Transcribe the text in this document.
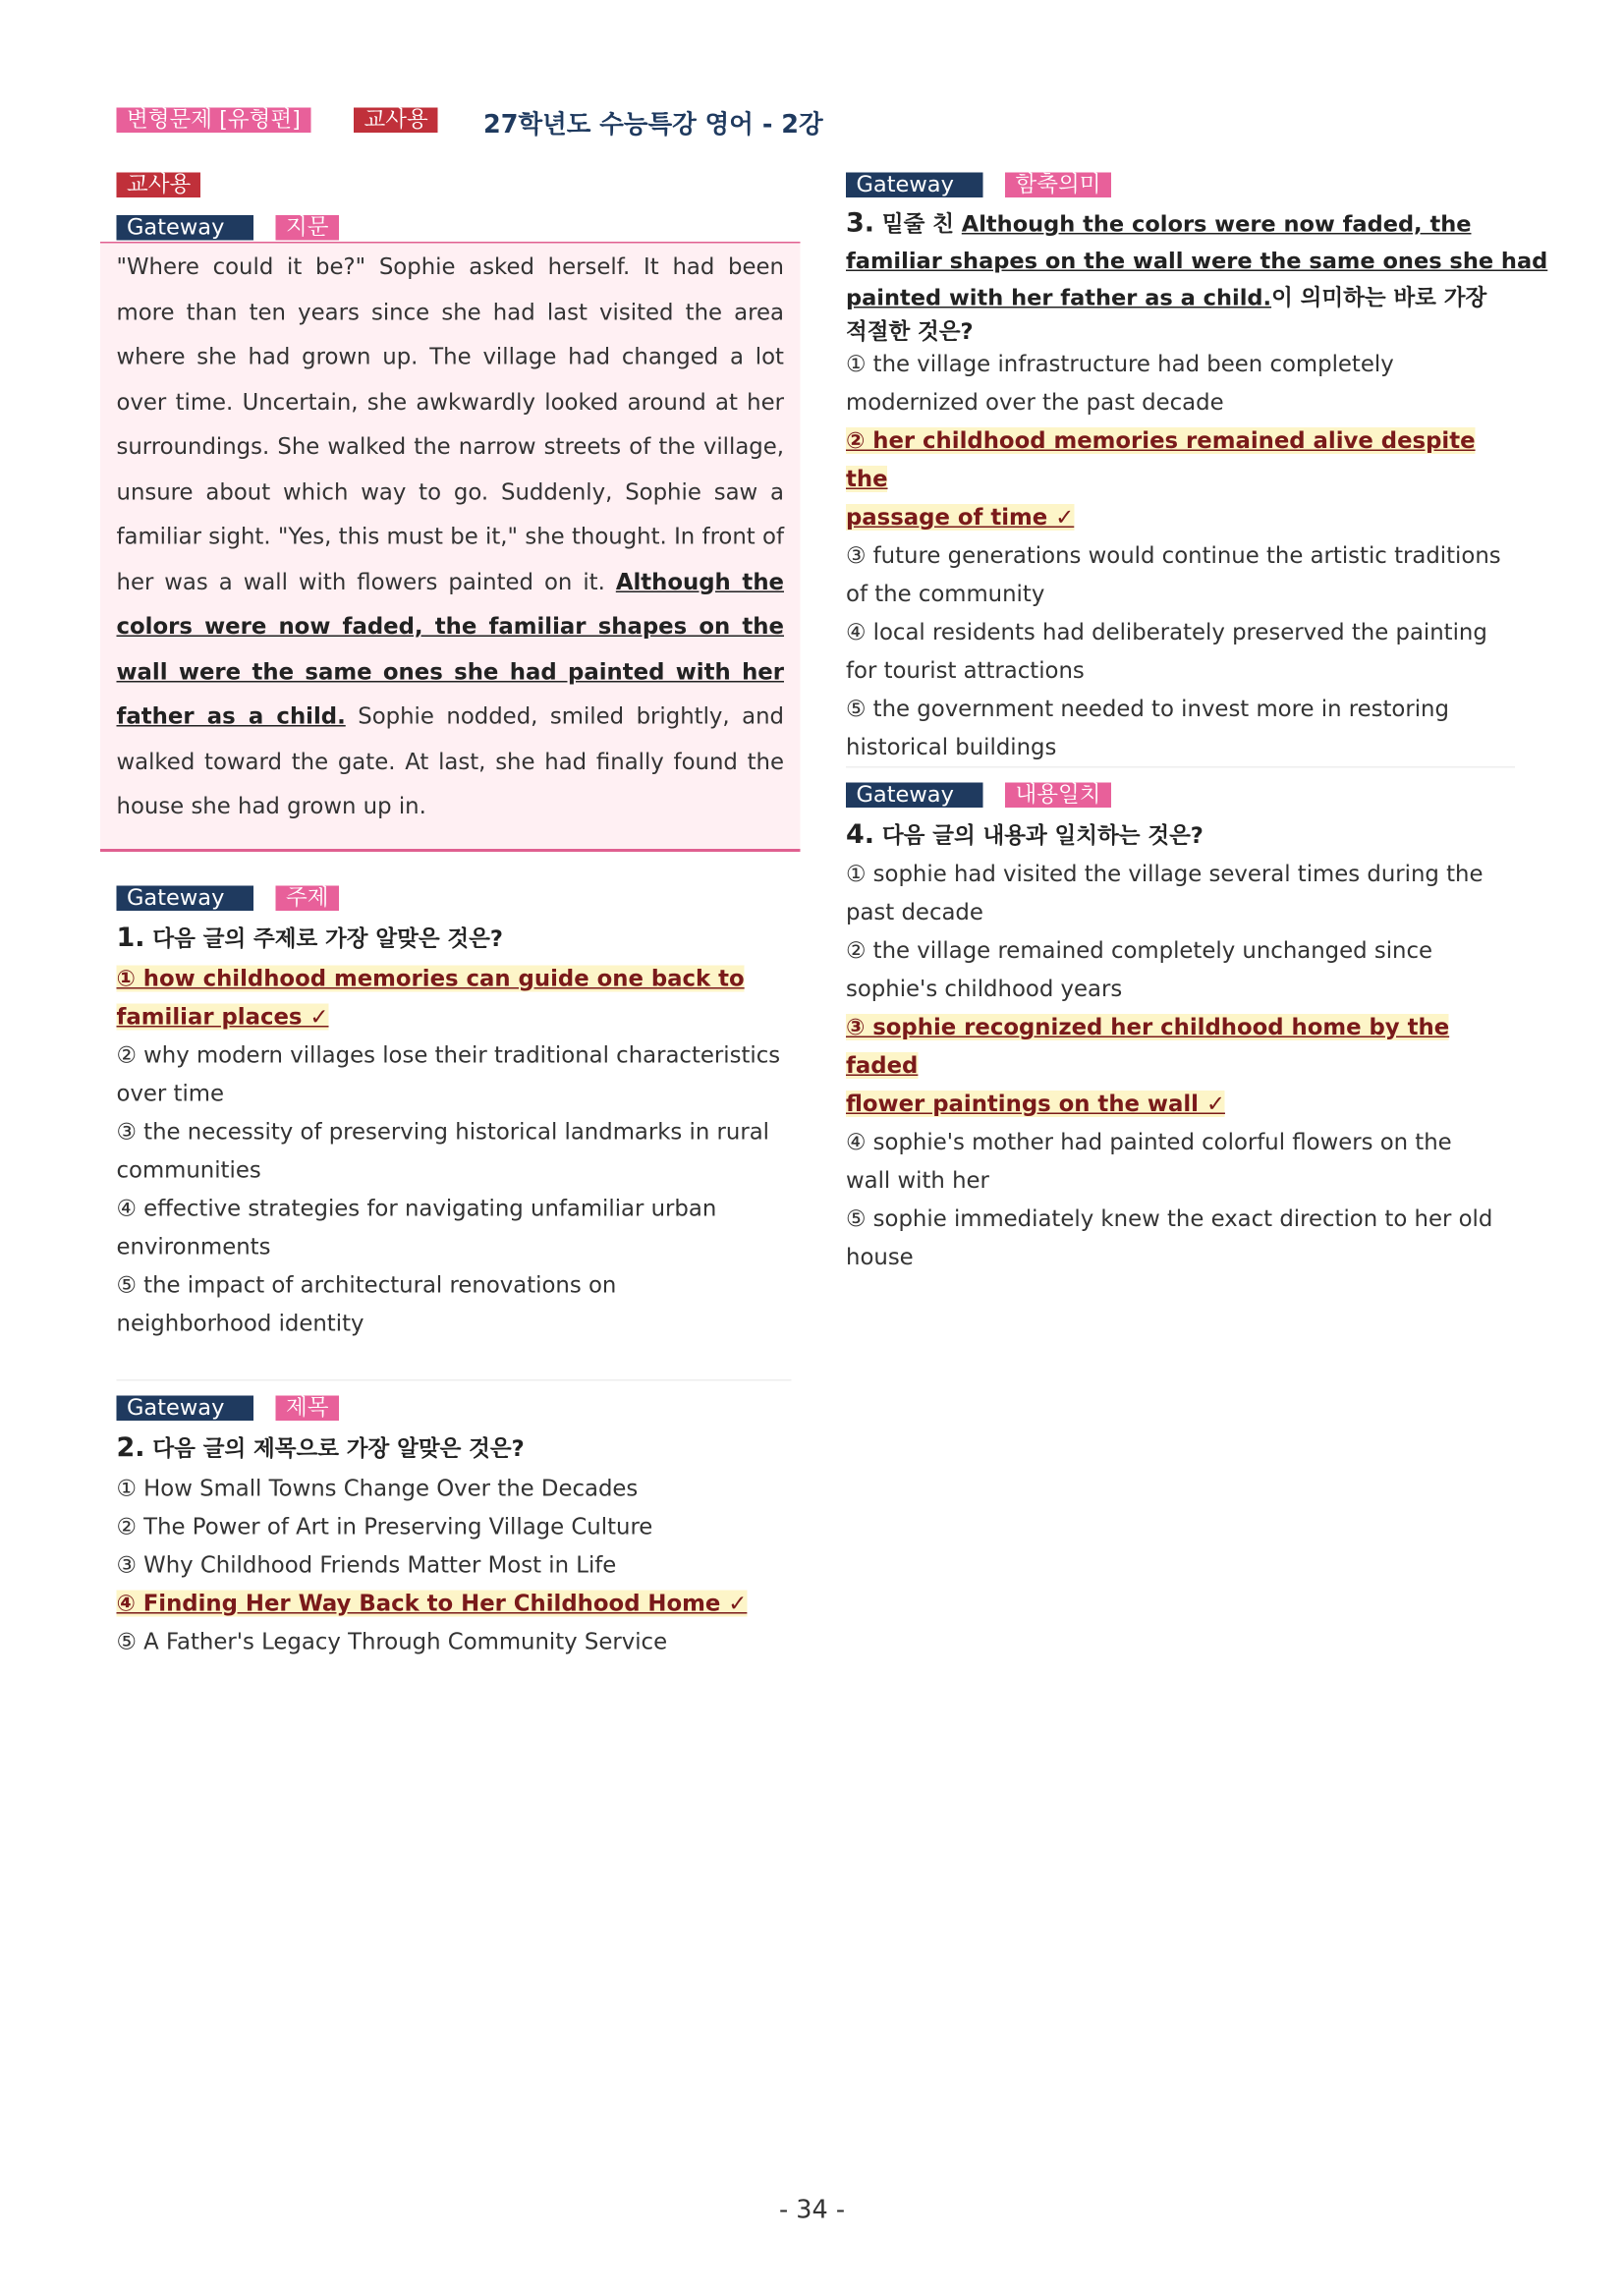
변형문제 [유형편]	교사용	27학년도 수능특강 영어 - 2강
교사용
Gateway	지문
"Where could it be?" Sophie asked herself. It had been more than ten years since she had last visited the area where she had grown up. The village had changed a lot over time. Uncertain, she awkwardly looked around at her surroundings. She walked the narrow streets of the village, unsure about which way to go. Suddenly, Sophie saw a familiar sight. "Yes, this must be it," she thought. In front of her was a wall with flowers painted on it. Although the colors were now faded, the familiar shapes on the wall were the same ones she had painted with her father as a child. Sophie nodded, smiled brightly, and walked toward the gate. At last, she had finally found the house she had grown up in.
Gateway	주제
1. 다음 글의 주제로 가장 알맞은 것은?
① how childhood memories can guide one back to
familiar places ✓
② why modern villages lose their traditional characteristics
over time
③ the necessity of preserving historical landmarks in rural
communities
④ effective strategies for navigating unfamiliar urban
environments
⑤ the impact of architectural renovations on
neighborhood identity
Gateway	제목
2. 다음 글의 제목으로 가장 알맞은 것은?
① How Small Towns Change Over the Decades
② The Power of Art in Preserving Village Culture
③ Why Childhood Friends Matter Most in Life
④ Finding Her Way Back to Her Childhood Home ✓
⑤ A Father's Legacy Through Community Service
Gateway	함축의미
3. 밑줄 친 Although the colors were now faded, the
familiar shapes on the wall were the same ones she had
painted with her father as a child.이 의미하는 바로 가장
적절한 것은?
① the village infrastructure had been completely
modernized over the past decade
② her childhood memories remained alive despite the
passage of time ✓
③ future generations would continue the artistic traditions
of the community
④ local residents had deliberately preserved the painting
for tourist attractions
⑤ the government needed to invest more in restoring
historical buildings
Gateway	내용일치
4. 다음 글의 내용과 일치하는 것은?
① sophie had visited the village several times during the
past decade
② the village remained completely unchanged since
sophie's childhood years
③ sophie recognized her childhood home by the faded
flower paintings on the wall ✓
④ sophie's mother had painted colorful flowers on the
wall with her
⑤ sophie immediately knew the exact direction to her old
house
- 34 -
